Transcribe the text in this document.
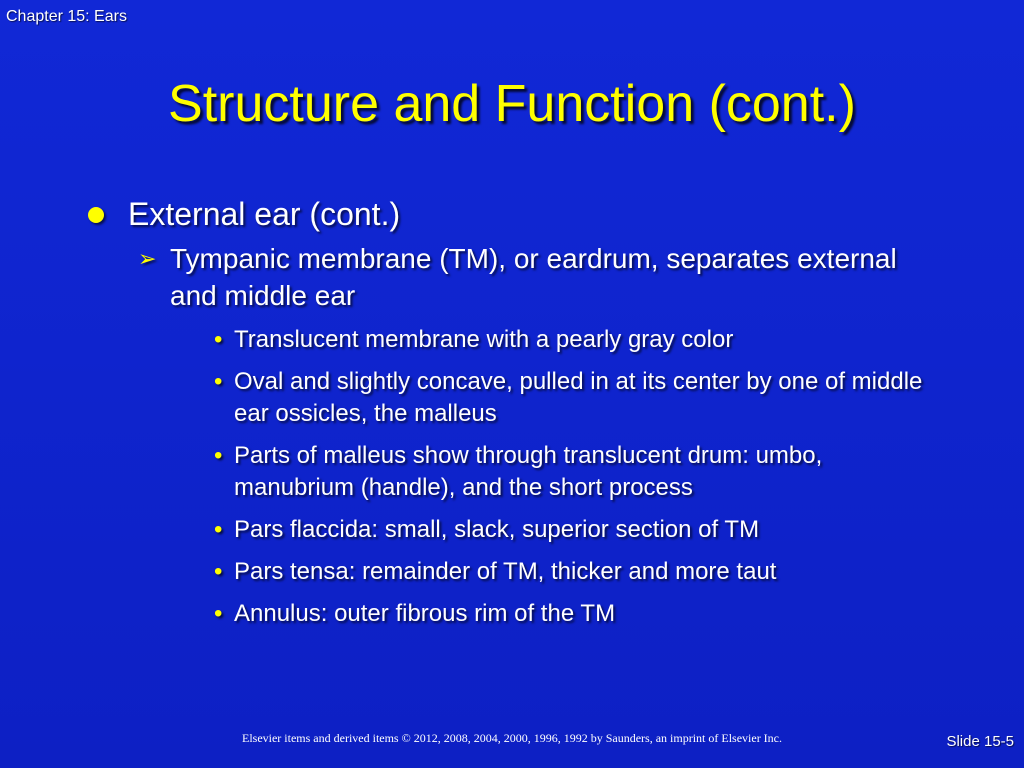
Chapter 15: Ears
Structure and Function (cont.)
External ear (cont.)
➢ Tympanic membrane (TM), or eardrum, separates external and middle ear
• Translucent membrane with a pearly gray color
• Oval and slightly concave, pulled in at its center by one of middle ear ossicles, the malleus
• Parts of malleus show through translucent drum: umbo, manubrium (handle), and the short process
• Pars flaccida: small, slack, superior section of TM
• Pars tensa: remainder of TM, thicker and more taut
• Annulus: outer fibrous rim of the TM
Elsevier items and derived items © 2012, 2008, 2004, 2000, 1996, 1992 by Saunders, an imprint of Elsevier Inc.	Slide 15-5
